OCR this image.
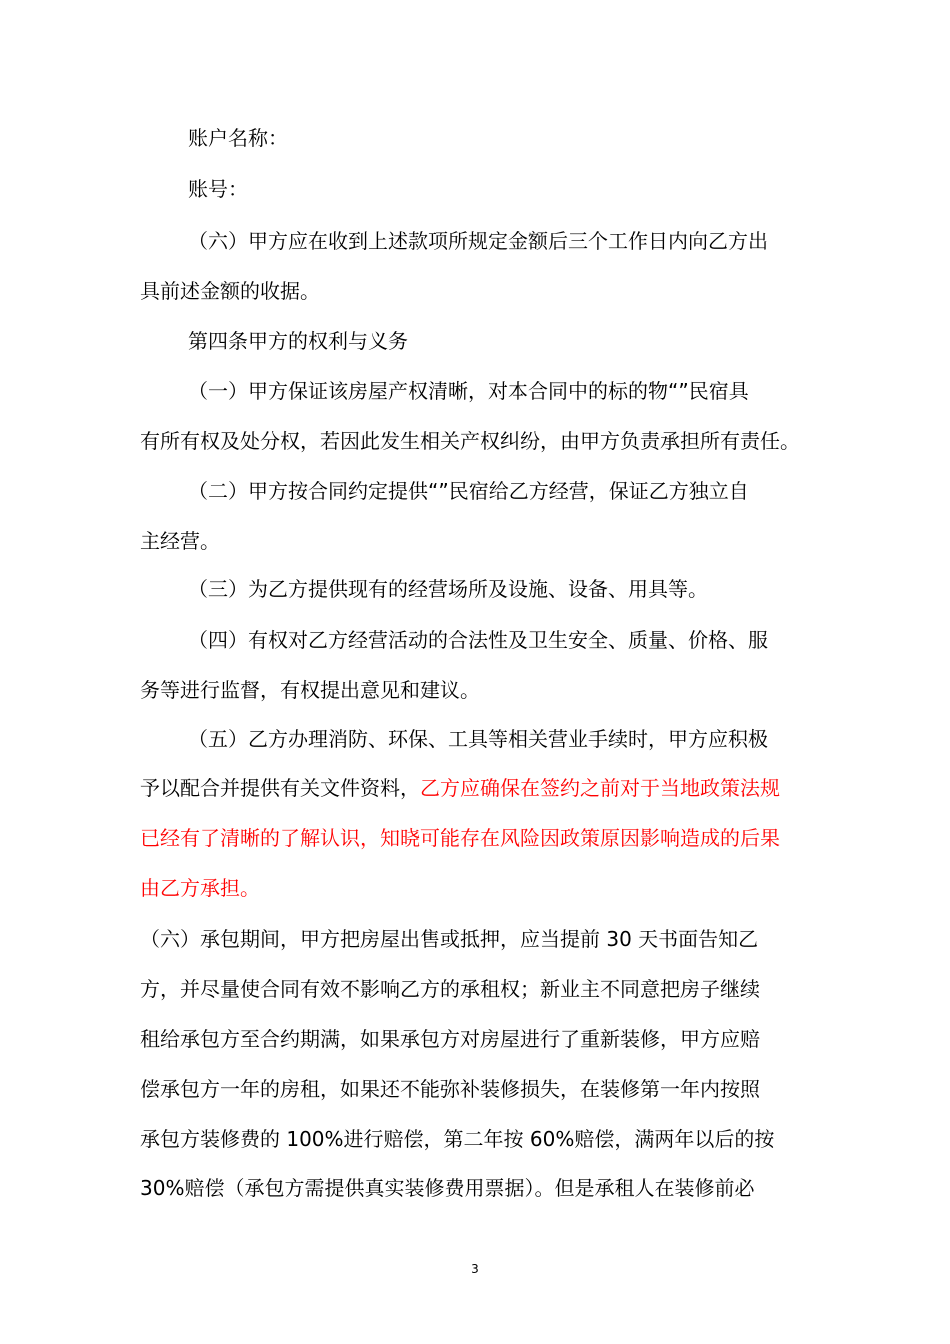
账户名称：
账号：
（六）甲方应在收到上述款项所规定金额后三个工作日内向乙方出
具前述金额的收据。
第四条甲方的权利与义务
（一）甲方保证该房屋产权清晰，对本合同中的标的物“”民宿具
有所有权及处分权，若因此发生相关产权纠纷，由甲方负责承担所有责任。
（二）甲方按合同约定提供“”民宿给乙方经营，保证乙方独立自
主经营。
（三）为乙方提供现有的经营场所及设施、设备、用具等。
（四）有权对乙方经营活动的合法性及卫生安全、质量、价格、服
务等进行监督，有权提出意见和建议。
（五）乙方办理消防、环保、工具等相关营业手续时，甲方应积极
予以配合并提供有关文件资料，乙方应确保在签约之前对于当地政策法规
已经有了清晰的了解认识，知晓可能存在风险因政策原因影响造成的后果
由乙方承担。
（六）承包期间，甲方把房屋出售或抵押，应当提前 30 天书面告知乙
方，并尽量使合同有效不影响乙方的承租权；新业主不同意把房子继续
租给承包方至合约期满，如果承包方对房屋进行了重新装修，甲方应赔
偿承包方一年的房租，如果还不能弥补装修损失，在装修第一年内按照
承包方装修费的 100%进行赔偿，第二年按 60%赔偿，满两年以后的按
30%赔偿（承包方需提供真实装修费用票据）。但是承租人在装修前必
3
